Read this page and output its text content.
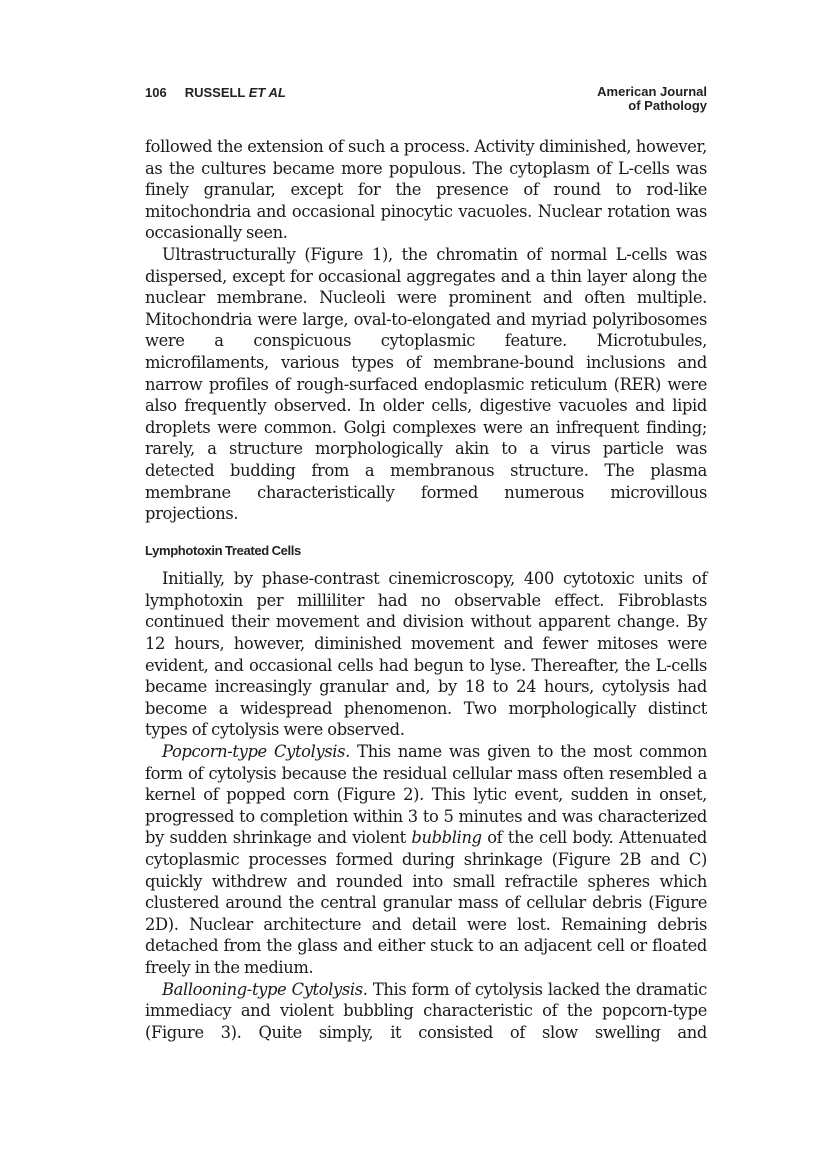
106 RUSSELL ET AL	American Journal
of Pathology

followed the extension of such a process. Activity diminished, however, as the cultures became more populous. The cytoplasm of L-cells was finely granular, except for the presence of round to rod-like mitochondria and occasional pinocytic vacuoles. Nuclear rotation was occasionally seen.

Ultrastructurally (Figure 1), the chromatin of normal L-cells was dispersed, except for occasional aggregates and a thin layer along the nuclear membrane. Nucleoli were prominent and often multiple. Mitochondria were large, oval-to-elongated and myriad polyribosomes were a conspicuous cytoplasmic feature. Microtubules, microfilaments, various types of membrane-bound inclusions and narrow profiles of rough-surfaced endoplasmic reticulum (RER) were also frequently observed. In older cells, digestive vacuoles and lipid droplets were common. Golgi complexes were an infrequent finding; rarely, a structure morphologically akin to a virus particle was detected budding from a membranous structure. The plasma membrane characteristically formed numerous microvillous projections.

Lymphotoxin Treated Cells

Initially, by phase-contrast cinemicroscopy, 400 cytotoxic units of lymphotoxin per milliliter had no observable effect. Fibroblasts continued their movement and division without apparent change. By 12 hours, however, diminished movement and fewer mitoses were evident, and occasional cells had begun to lyse. Thereafter, the L-cells became increasingly granular and, by 18 to 24 hours, cytolysis had become a widespread phenomenon. Two morphologically distinct types of cytolysis were observed.

Popcorn-type Cytolysis. This name was given to the most common form of cytolysis because the residual cellular mass often resembled a kernel of popped corn (Figure 2). This lytic event, sudden in onset, progressed to completion within 3 to 5 minutes and was characterized by sudden shrinkage and violent bubbling of the cell body. Attenuated cytoplasmic processes formed during shrinkage (Figure 2B and C) quickly withdrew and rounded into small refractile spheres which clustered around the central granular mass of cellular debris (Figure 2D). Nuclear architecture and detail were lost. Remaining debris detached from the glass and either stuck to an adjacent cell or floated freely in the medium.

Ballooning-type Cytolysis. This form of cytolysis lacked the dramatic immediacy and violent bubbling characteristic of the popcorn-type (Figure 3). Quite simply, it consisted of slow swelling and
